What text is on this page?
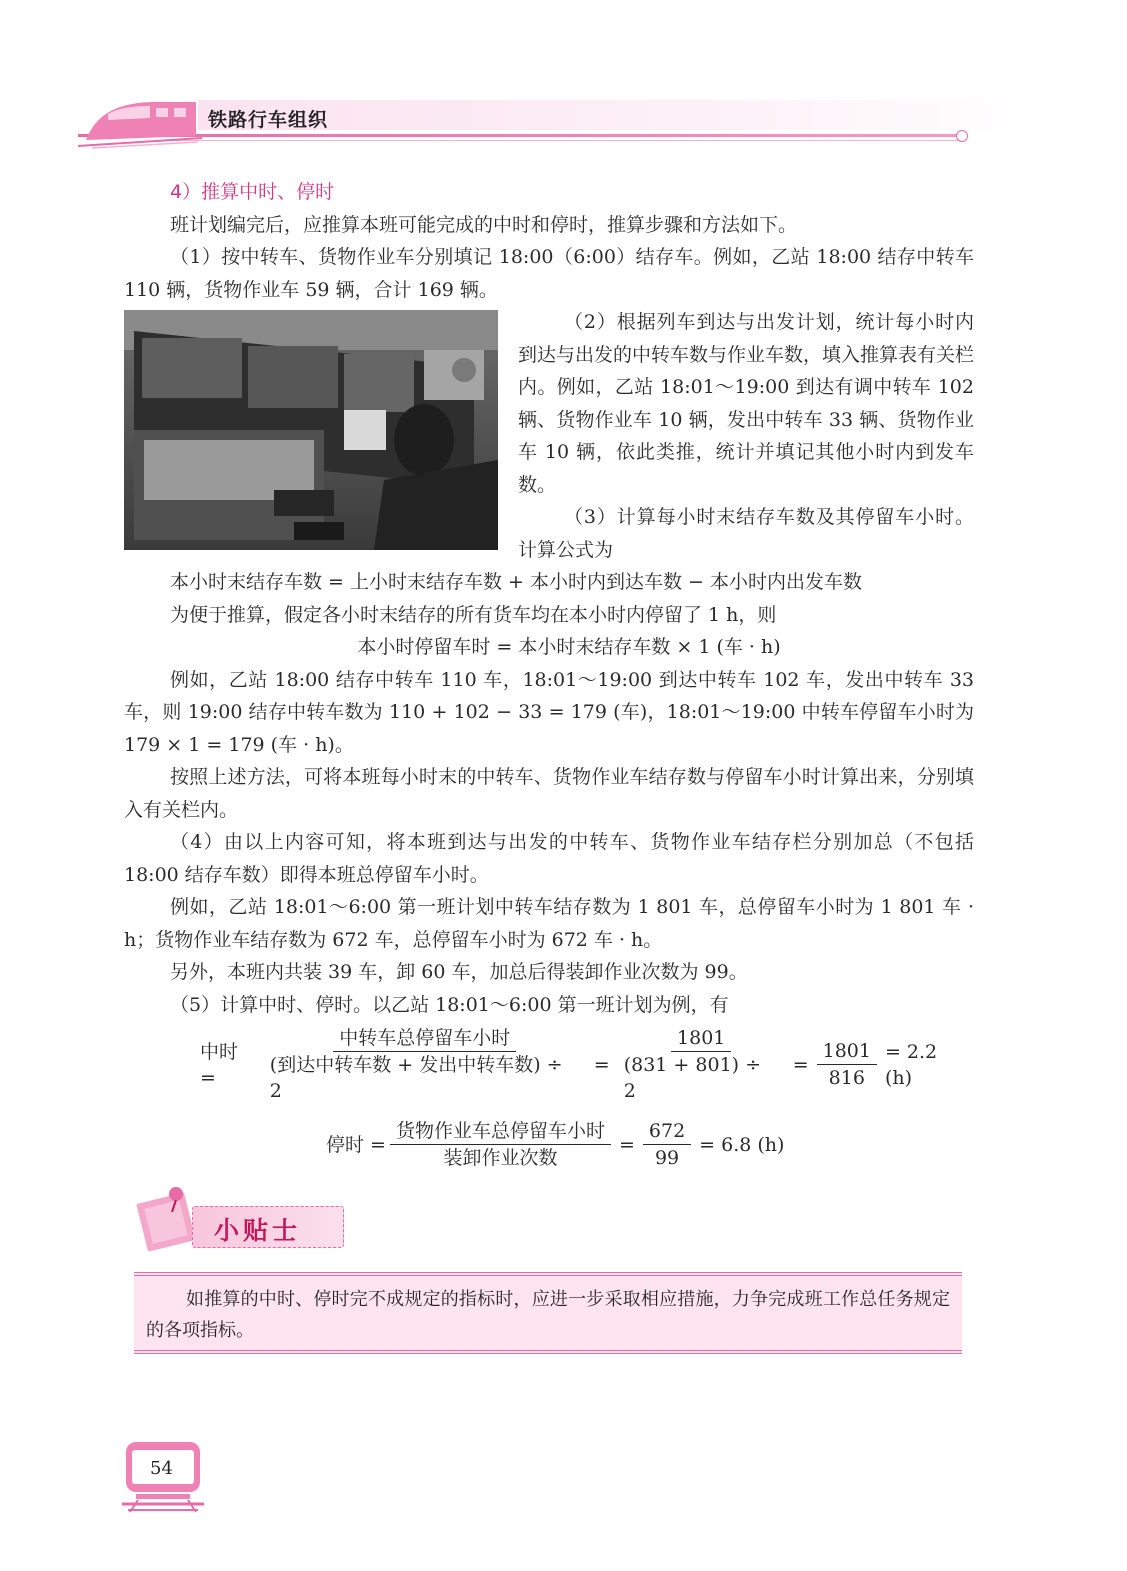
铁路行车组织
4）推算中时、停时

班计划编完后，应推算本班可能完成的中时和停时，推算步骤和方法如下。

（1）按中转车、货物作业车分别填记 18:00（6:00）结存车。例如，乙站 18:00 结存中转车 110 辆，货物作业车 59 辆，合计 169 辆。

（2）根据列车到达与出发计划，统计每小时内到达与出发的中转车数与作业车数，填入推算表有关栏内。例如，乙站 18:01～19:00 到达有调中转车 102 辆、货物作业车 10 辆，发出中转车 33 辆、货物作业车 10 辆，依此类推，统计并填记其他小时内到发车数。

（3）计算每小时末结存车数及其停留车小时。计算公式为

本小时末结存车数 = 上小时末结存车数 + 本小时内到达车数 − 本小时内出发车数

为便于推算，假定各小时末结存的所有货车均在本小时内停留了 1 h，则

本小时停留车时 = 本小时末结存车数 × 1 (车 · h)

例如，乙站 18:00 结存中转车 110 车，18:01～19:00 到达中转车 102 车，发出中转车 33 车，则 19:00 结存中转车数为 110 + 102 − 33 = 179 (车)，18:01～19:00 中转车停留车小时为 179 × 1 = 179 (车 · h)。

按照上述方法，可将本班每小时末的中转车、货物作业车结存数与停留车小时计算出来，分别填入有关栏内。

（4）由以上内容可知，将本班到达与出发的中转车、货物作业车结存栏分别加总（不包括 18:00 结存车数）即得本班总停留车小时。

例如，乙站 18:01～6:00 第一班计划中转车结存数为 1 801 车，总停留车小时为 1 801 车 · h；货物作业车结存数为 672 车，总停留车小时为 672 车 · h。

另外，本班内共装 39 车，卸 60 车，加总后得装卸作业次数为 99。

（5）计算中时、停时。以乙站 18:01～6:00 第一班计划为例，有

中时 =	$\frac{\text{中转车总停留车小时}}{\text{(到达中转车数 + 发出中转车数) ÷ 2}} = \frac{1801}{(831 + 801) \div 2} = \frac{1801}{816} = 2.2$ (h)
停时 = $\frac{\text{货物作业车总停留车小时}}{\text{装卸作业次数}} = \frac{672}{99} = 6.8$ (h)
小贴士

如推算的中时、停时完不成规定的指标时，应进一步采取相应措施，力争完成班工作总任务规定的各项指标。

54
